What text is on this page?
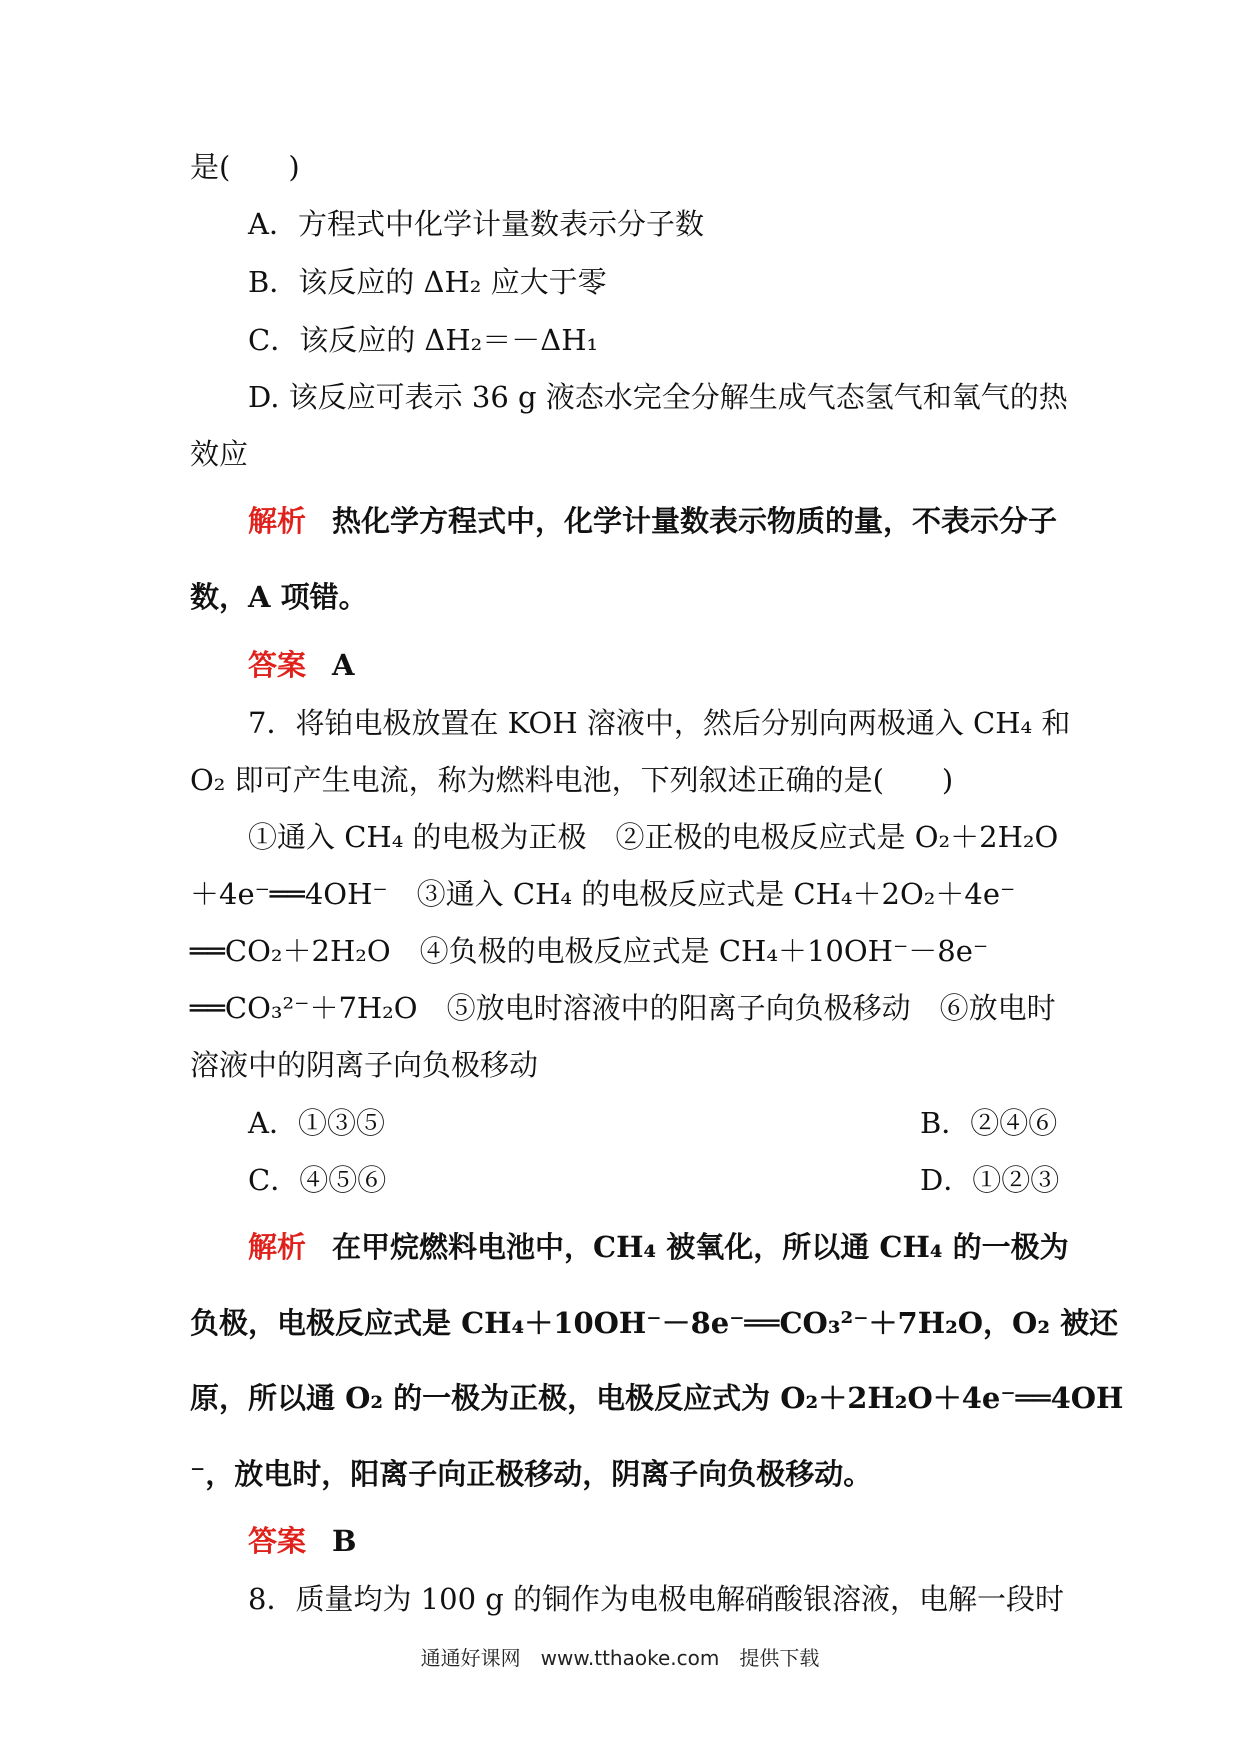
是(　　)
A．方程式中化学计量数表示分子数
B．该反应的 ΔH₂ 应大于零
C．该反应的 ΔH₂＝－ΔH₁
D. 该反应可表示 36 g 液态水完全分解生成气态氢气和氧气的热
效应
解析 热化学方程式中，化学计量数表示物质的量，不表示分子
数，A 项错。
答案 A
7．将铂电极放置在 KOH 溶液中，然后分别向两极通入 CH₄ 和
O₂ 即可产生电流，称为燃料电池，下列叙述正确的是(　　)
①通入 CH₄ 的电极为正极　②正极的电极反应式是 O₂＋2H₂O
＋4e⁻══4OH⁻　③通入 CH₄ 的电极反应式是 CH₄＋2O₂＋4e⁻
══CO₂＋2H₂O　④负极的电极反应式是 CH₄＋10OH⁻－8e⁻
══CO₃²⁻＋7H₂O　⑤放电时溶液中的阳离子向负极移动　⑥放电时
溶液中的阴离子向负极移动
A．①③⑤	B．②④⑥
C．④⑤⑥	D．①②③
解析 在甲烷燃料电池中，CH₄ 被氧化，所以通 CH₄ 的一极为
负极，电极反应式是 CH₄＋10OH⁻－8e⁻══CO₃²⁻＋7H₂O，O₂ 被还
原，所以通 O₂ 的一极为正极，电极反应式为 O₂＋2H₂O＋4e⁻══4OH
⁻，放电时，阳离子向正极移动，阴离子向负极移动。
答案 B
8．质量均为 100 g 的铜作为电极电解硝酸银溶液，电解一段时
通通好课网　www.tthaoke.com　提供下载
